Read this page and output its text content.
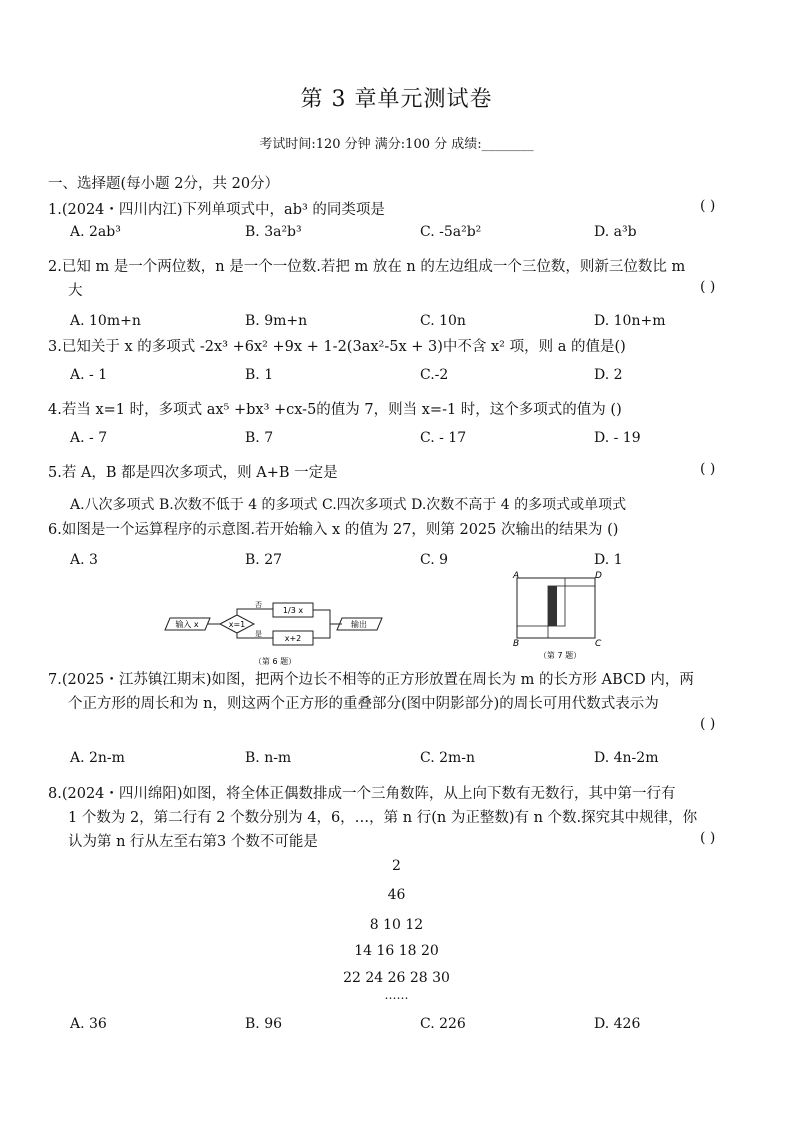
第 3 章单元测试卷
考试时间:120 分钟 满分:100 分 成绩:________
一、选择题(每小题 2分，共 20分）
1.(2024・四川内江)下列单项式中，ab³ 的同类项是	( )
A. 2ab³	B. 3a²b³	C. -5a²b²	D. a³b
2.已知 m 是一个两位数，n 是一个一位数.若把 m 放在 n 的左边组成一个三位数，则新三位数比 m
大	( )
A. 10m+n	B. 9m+n	C. 10n	D. 10n+m
3.已知关于 x 的多项式 -2x³ +6x² +9x + 1-2(3ax²-5x + 3)中不含 x² 项，则 a 的值是()
A. - 1	B. 1	C.-2	D. 2
4.若当 x=1 时，多项式 ax⁵ +bx³ +cx-5的值为 7，则当 x=-1 时，这个多项式的值为 ()
A. - 7	B. 7	C. - 17	D. - 19
5.若 A，B 都是四次多项式，则 A+B 一定是	( )
A.八次多项式 B.次数不低于 4 的多项式 C.四次多项式 D.次数不高于 4 的多项式或单项式
6.如图是一个运算程序的示意图.若开始输入 x 的值为 27，则第 2025 次输出的结果为 ()
A. 3	B. 27	C. 9	D. 1
输入 x	x=1
否
1/3 x
是	x+2
输出
（第 6 题）
A	D
B	C
（第 7 题）
7.(2025・江苏镇江期末)如图，把两个边长不相等的正方形放置在周长为 m 的长方形 ABCD 内，两
个正方形的周长和为 n，则这两个正方形的重叠部分(图中阴影部分)的周长可用代数式表示为
( )
A. 2n-m	B. n-m	C. 2m-n	D. 4n-2m
8.(2024・四川绵阳)如图，将全体正偶数排成一个三角数阵，从上向下数有无数行，其中第一行有
1 个数为 2，第二行有 2 个数分别为 4，6，…，第 n 行(n 为正整数)有 n 个数.探究其中规律，你
认为第 n 行从左至右第3 个数不可能是	( )
2
46
8 10 12
14 16 18 20
22 24 26 28 30
……
A. 36	B. 96	C. 226	D. 426
